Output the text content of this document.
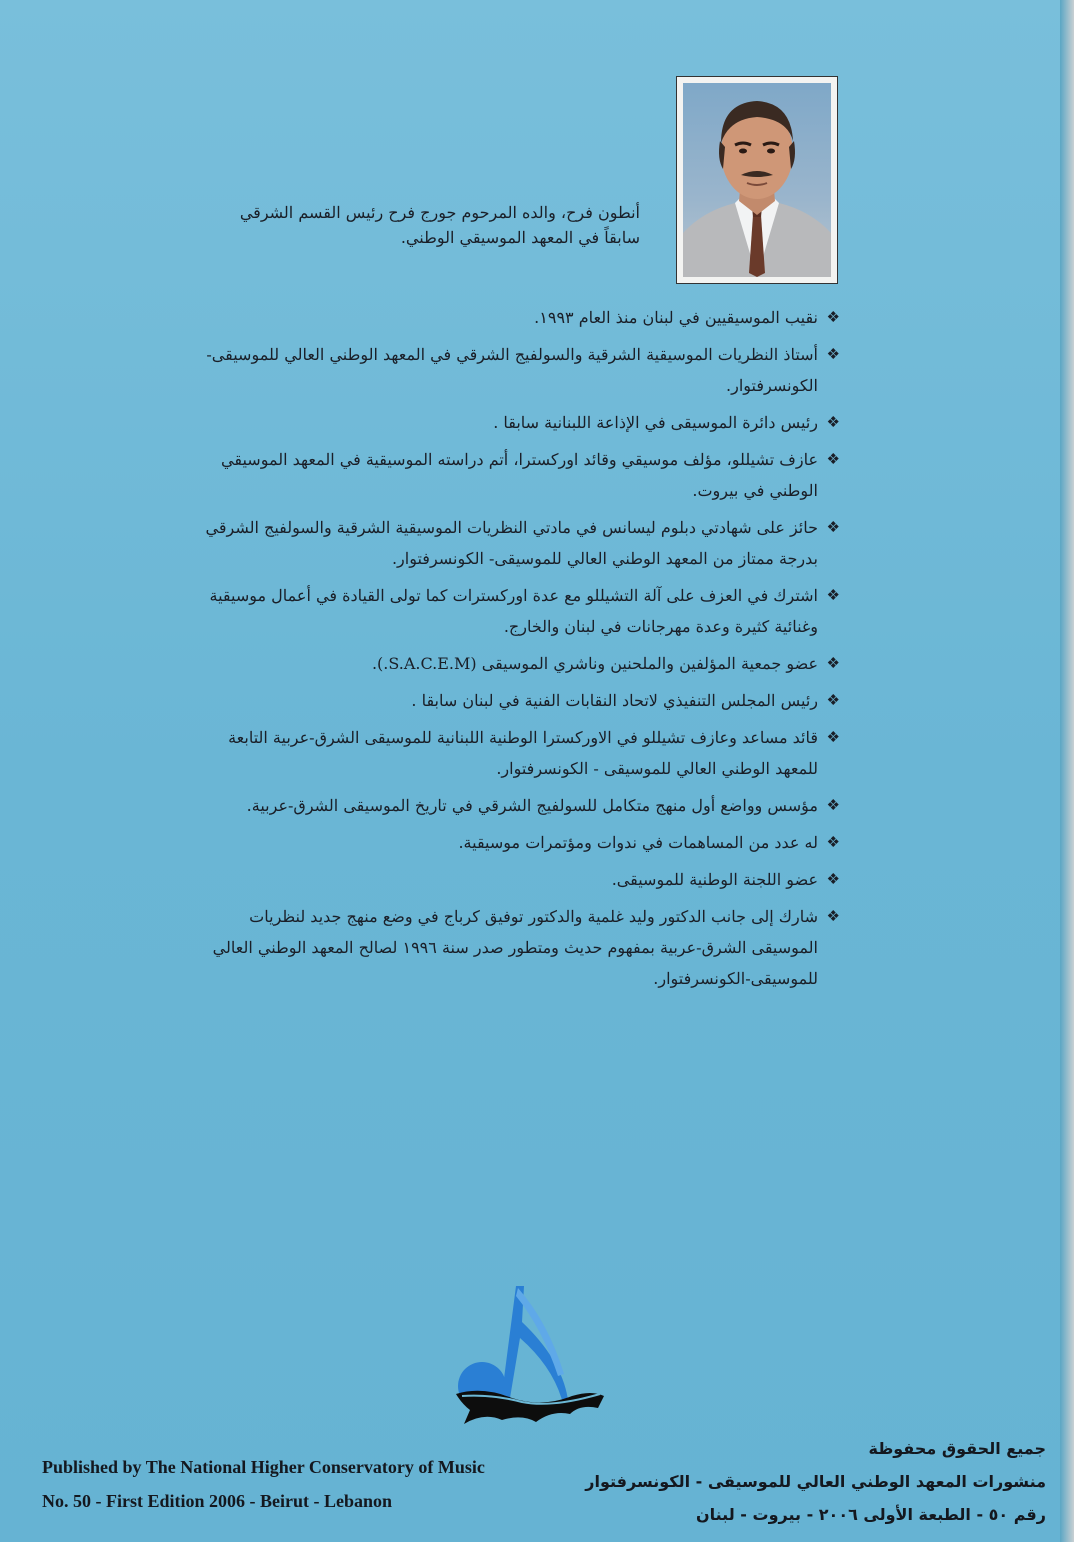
أنطون فرح، والده المرحوم جورج فرح رئيس القسم الشرقي
سابقاً في المعهد الموسيقي الوطني.
❖
نقيب الموسيقيين في لبنان منذ العام ١٩٩٣.
❖
أستاذ النظريات الموسيقية الشرقية والسولفيج الشرقي في المعهد الوطني العالي للموسيقى- الكونسرفتوار.
❖
رئيس دائرة الموسيقى في الإذاعة اللبنانية سابقا .
❖
عازف تشيللو، مؤلف موسيقي وقائد اوركسترا، أتم دراسته الموسيقية في المعهد الموسيقي الوطني في بيروت.
❖
حائز على شهادتي دبلوم ليسانس في مادتي النظريات الموسيقية الشرقية والسولفيج الشرقي بدرجة ممتاز من المعهد الوطني العالي للموسيقى- الكونسرفتوار.
❖
اشترك في العزف على آلة التشيللو مع عدة اوركسترات كما تولى القيادة في أعمال موسيقية وغنائية كثيرة وعدة مهرجانات في لبنان والخارج.
❖
عضو جمعية المؤلفين والملحنين وناشري الموسيقى (S.A.C.E.M.).
❖
رئيس المجلس التنفيذي لاتحاد النقابات الفنية في لبنان سابقا .
❖
قائد مساعد وعازف تشيللو في الاوركسترا الوطنية اللبنانية للموسيقى الشرق-عربية التابعة للمعهد الوطني العالي للموسيقى - الكونسرفتوار.
❖
مؤسس وواضع أول منهج متكامل للسولفيج الشرقي في تاريخ الموسيقى الشرق-عربية.
❖
له عدد من المساهمات في ندوات ومؤتمرات موسيقية.
❖
عضو اللجنة الوطنية للموسيقى.
❖
شارك إلى جانب الدكتور وليد غلمية والدكتور توفيق كرباج في وضع منهج جديد لنظريات الموسيقى الشرق-عربية بمفهوم حديث ومتطور صدر سنة ١٩٩٦ لصالح المعهد الوطني العالي للموسيقى-الكونسرفتوار.
Published by The National Higher Conservatory of Music
No. 50 - First Edition 2006 - Beirut - Lebanon
جميع الحقوق محفوظة
منشورات المعهد الوطني العالي للموسيقى - الكونسرفتوار
رقم ٥٠ - الطبعة الأولى ٢٠٠٦ - بيروت - لبنان
